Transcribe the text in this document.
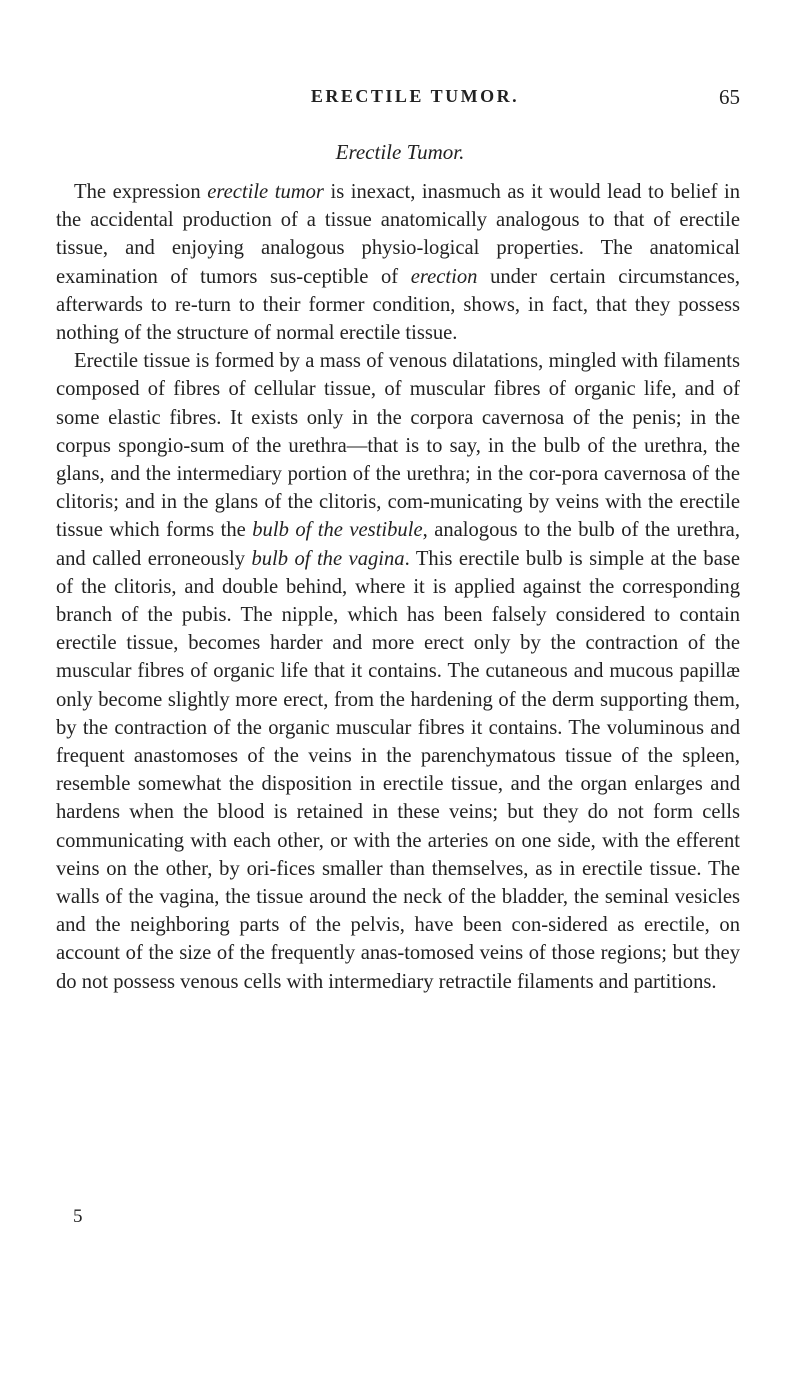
ERECTILE TUMOR.	65
Erectile Tumor.

The expression erectile tumor is inexact, inasmuch as it would lead to belief in the accidental production of a tissue anatomically analogous to that of erectile tissue, and enjoying analogous physio-logical properties. The anatomical examination of tumors sus-ceptible of erection under certain circumstances, afterwards to re-turn to their former condition, shows, in fact, that they possess nothing of the structure of normal erectile tissue.

Erectile tissue is formed by a mass of venous dilatations, mingled with filaments composed of fibres of cellular tissue, of muscular fibres of organic life, and of some elastic fibres. It exists only in the corpora cavernosa of the penis; in the corpus spongio-sum of the urethra—that is to say, in the bulb of the urethra, the glans, and the intermediary portion of the urethra; in the cor-pora cavernosa of the clitoris; and in the glans of the clitoris, com-municating by veins with the erectile tissue which forms the bulb of the vestibule, analogous to the bulb of the urethra, and called erroneously bulb of the vagina. This erectile bulb is simple at the base of the clitoris, and double behind, where it is applied against the corresponding branch of the pubis. The nipple, which has been falsely considered to contain erectile tissue, becomes harder and more erect only by the contraction of the muscular fibres of organic life that it contains. The cutaneous and mucous papillæ only become slightly more erect, from the hardening of the derm supporting them, by the contraction of the organic muscular fibres it contains. The voluminous and frequent anastomoses of the veins in the parenchymatous tissue of the spleen, resemble somewhat the disposition in erectile tissue, and the organ enlarges and hardens when the blood is retained in these veins; but they do not form cells communicating with each other, or with the arteries on one side, with the efferent veins on the other, by ori-fices smaller than themselves, as in erectile tissue. The walls of the vagina, the tissue around the neck of the bladder, the seminal vesicles and the neighboring parts of the pelvis, have been con-sidered as erectile, on account of the size of the frequently anas-tomosed veins of those regions; but they do not possess venous cells with intermediary retractile filaments and partitions.

5
